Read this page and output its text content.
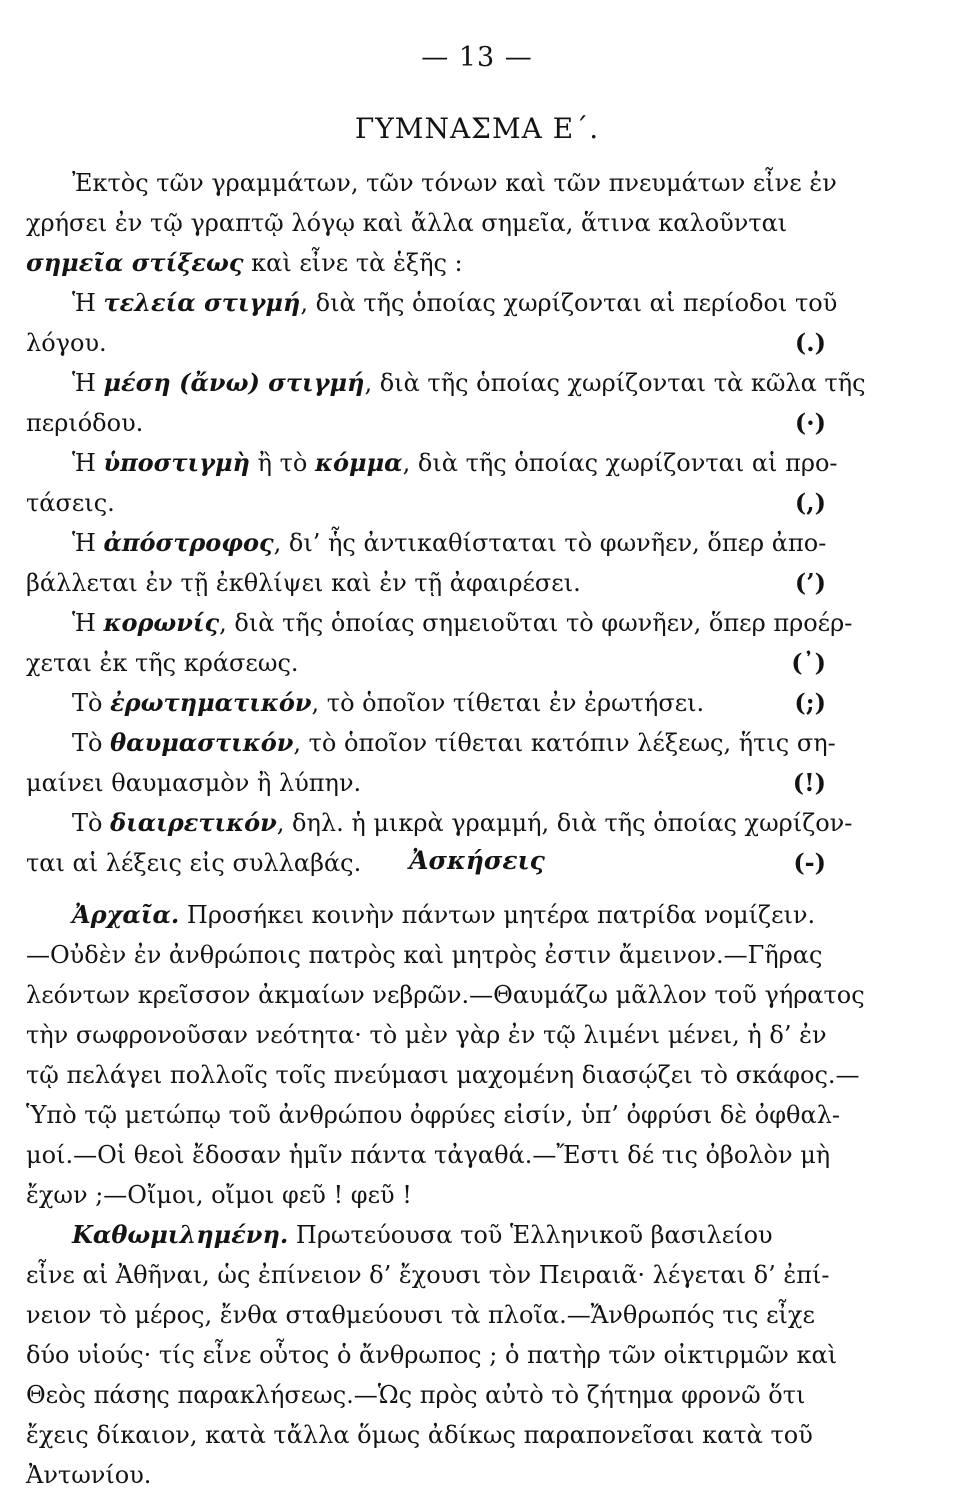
— 13 —
ΓΥΜΝΑΣΜΑ Ε΄.
Ἐκτὸς τῶν γραμμάτων, τῶν τόνων καὶ τῶν πνευμάτων εἶνε ἐν
χρήσει ἐν τῷ γραπτῷ λόγῳ καὶ ἄλλα σημεῖα, ἅτινα καλοῦνται
σημεῖα στίξεως καὶ εἶνε τὰ ἑξῆς :
Ἡ τελεία στιγμή, διὰ τῆς ὁποίας χωρίζονται αἱ περίοδοι τοῦ
λόγου.	(.)
Ἡ μέση (ἄνω) στιγμή, διὰ τῆς ὁποίας χωρίζονται τὰ κῶλα τῆς
περιόδου.	(·)
Ἡ ὑποστιγμὴ ἢ τὸ κόμμα, διὰ τῆς ὁποίας χωρίζονται αἱ προ-
τάσεις.	(,)
Ἡ ἀπόστροφος, δι’ ἧς ἀντικαθίσταται τὸ φωνῆεν, ὅπερ ἀπο-
βάλλεται ἐν τῇ ἐκθλίψει καὶ ἐν τῇ ἀφαιρέσει.	(’)
Ἡ κορωνίς, διὰ τῆς ὁποίας σημειοῦται τὸ φωνῆεν, ὅπερ προέρ-
χεται ἐκ τῆς κράσεως.	(᾽)
Τὸ ἐρωτηματικόν, τὸ ὁποῖον τίθεται ἐν ἐρωτήσει.	(;)
Τὸ θαυμαστικόν, τὸ ὁποῖον τίθεται κατόπιν λέξεως, ἥτις ση-
μαίνει θαυμασμὸν ἢ λύπην.	(!)
Τὸ διαιρετικόν, δηλ. ἡ μικρὰ γραμμή, διὰ τῆς ὁποίας χωρίζον-
ται αἱ λέξεις εἰς συλλαβάς.	(-)
Ἀσκήσεις
Ἀρχαῖα. Προσήκει κοινὴν πάντων μητέρα πατρίδα νομίζειν.
—Οὐδὲν ἐν ἀνθρώποις πατρὸς καὶ μητρὸς ἐστιν ἄμεινον.—Γῆρας
λεόντων κρεῖσσον ἀκμαίων νεβρῶν.—Θαυμάζω μᾶλλον τοῦ γήρατος
τὴν σωφρονοῦσαν νεότητα· τὸ μὲν γὰρ ἐν τῷ λιμένι μένει, ἡ δ’ ἐν
τῷ πελάγει πολλοῖς τοῖς πνεύμασι μαχομένη διασῴζει τὸ σκάφος.—
Ὑπὸ τῷ μετώπῳ τοῦ ἀνθρώπου ὀφρύες εἰσίν, ὑπ’ ὀφρύσι δὲ ὀφθαλ-
μοί.—Οἱ θεοὶ ἔδοσαν ἡμῖν πάντα τἀγαθά.—Ἔστι δέ τις ὀβολὸν μὴ
ἔχων ;—Οἴμοι, οἴμοι φεῦ ! φεῦ !
Καθωμιλημένη. Πρωτεύουσα τοῦ Ἑλληνικοῦ βασιλείου
εἶνε αἱ Ἀθῆναι, ὡς ἐπίνειον δ’ ἔχουσι τὸν Πειραιᾶ· λέγεται δ’ ἐπί-
νειον τὸ μέρος, ἔνθα σταθμεύουσι τὰ πλοῖα.—Ἄνθρωπός τις εἶχε
δύο υἱούς· τίς εἶνε οὗτος ὁ ἄνθρωπος ; ὁ πατὴρ τῶν οἰκτιρμῶν καὶ
Θεὸς πάσης παρακλήσεως.—Ὡς πρὸς αὐτὸ τὸ ζήτημα φρονῶ ὅτι
ἔχεις δίκαιον, κατὰ τἄλλα ὅμως ἀδίκως παραπονεῖσαι κατὰ τοῦ
Ἀντωνίου.
